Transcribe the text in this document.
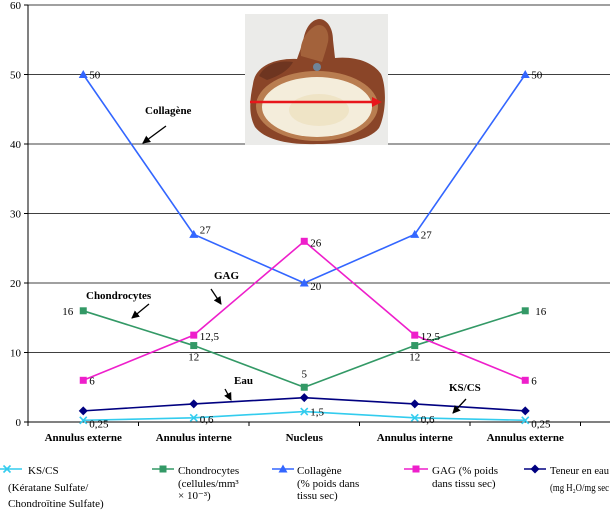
0
10
20
30
40
50
60
Annulus externe	Annulus interne	Nucleus	Annulus interne	Annulus externe
0,25	0,6
1,5
0,6	0,25
16
12
5
12
16
50
27
20
27
50
6
12,5
26
12,5
6
Collagène
GAG
Chondrocytes
Eau
KS/CS
KS/CS
(Kératane Sulfate/
Chondroïtine Sulfate)
Chondrocytes
(cellules/mm³
× 10⁻³)
Collagène
(% poids dans
tissu sec)
GAG (% poids
dans tissu sec)
Teneur en eau
(mg H₂O/mg sec
